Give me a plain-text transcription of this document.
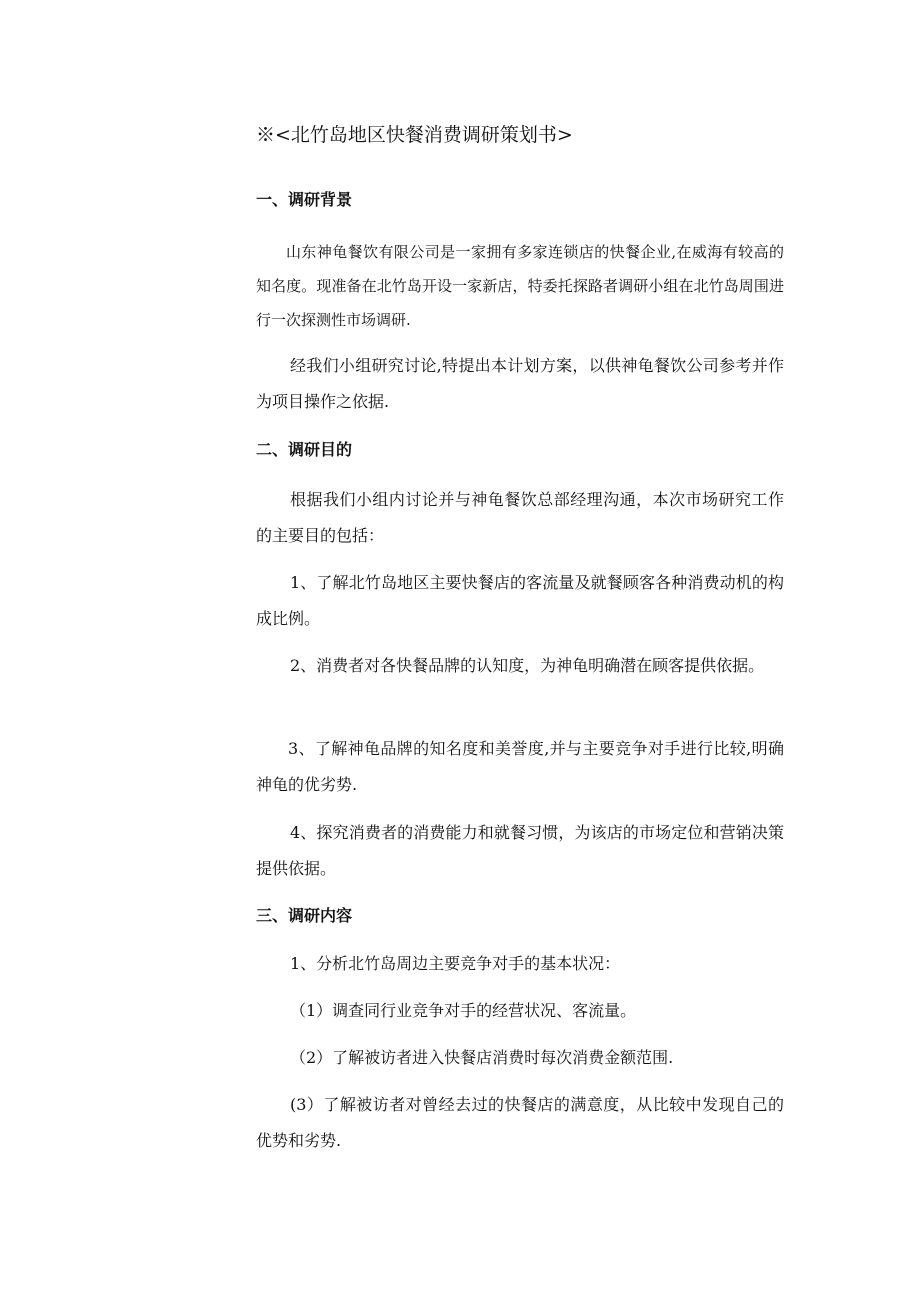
※<北竹岛地区快餐消费调研策划书>
一、调研背景

山东神龟餐饮有限公司是一家拥有多家连锁店的快餐企业,在威海有较高的知名度。现准备在北竹岛开设一家新店，特委托探路者调研小组在北竹岛周围进行一次探测性市场调研.

经我们小组研究讨论,特提出本计划方案，以供神龟餐饮公司参考并作为项目操作之依据.

二、调研目的

根据我们小组内讨论并与神龟餐饮总部经理沟通，本次市场研究工作的主要目的包括：

1、了解北竹岛地区主要快餐店的客流量及就餐顾客各种消费动机的构成比例。

2、消费者对各快餐品牌的认知度，为神龟明确潜在顾客提供依据。

3、了解神龟品牌的知名度和美誉度,并与主要竞争对手进行比较,明确神龟的优劣势.

4、探究消费者的消费能力和就餐习惯，为该店的市场定位和营销决策提供依据。

三、调研内容
1、分析北竹岛周边主要竞争对手的基本状况：
（1）调查同行业竞争对手的经营状况、客流量。
（2）了解被访者进入快餐店消费时每次消费金额范围.

(3）了解被访者对曾经去过的快餐店的满意度，从比较中发现自己的优势和劣势.
